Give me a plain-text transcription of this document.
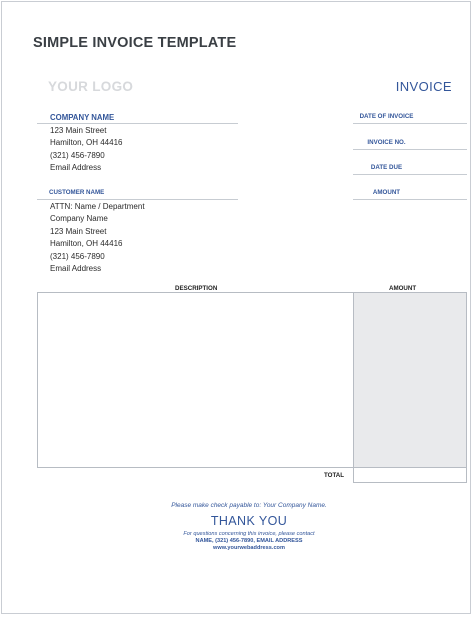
SIMPLE INVOICE TEMPLATE
YOUR LOGO	INVOICE
COMPANY NAME
123 Main Street
Hamilton, OH 44416
(321) 456-7890
Email Address
DATE OF INVOICE
INVOICE NO.
DATE DUE
AMOUNT
CUSTOMER NAME
ATTN: Name / Department
Company Name
123 Main Street
Hamilton, OH 44416
(321) 456-7890
Email Address
DESCRIPTION	AMOUNT
TOTAL
Please make check payable to: Your Company Name.
THANK YOU
For questions concerning this invoice, please contact
NAME, (321) 456-7890, EMAIL ADDRESS
www.yourwebaddress.com
